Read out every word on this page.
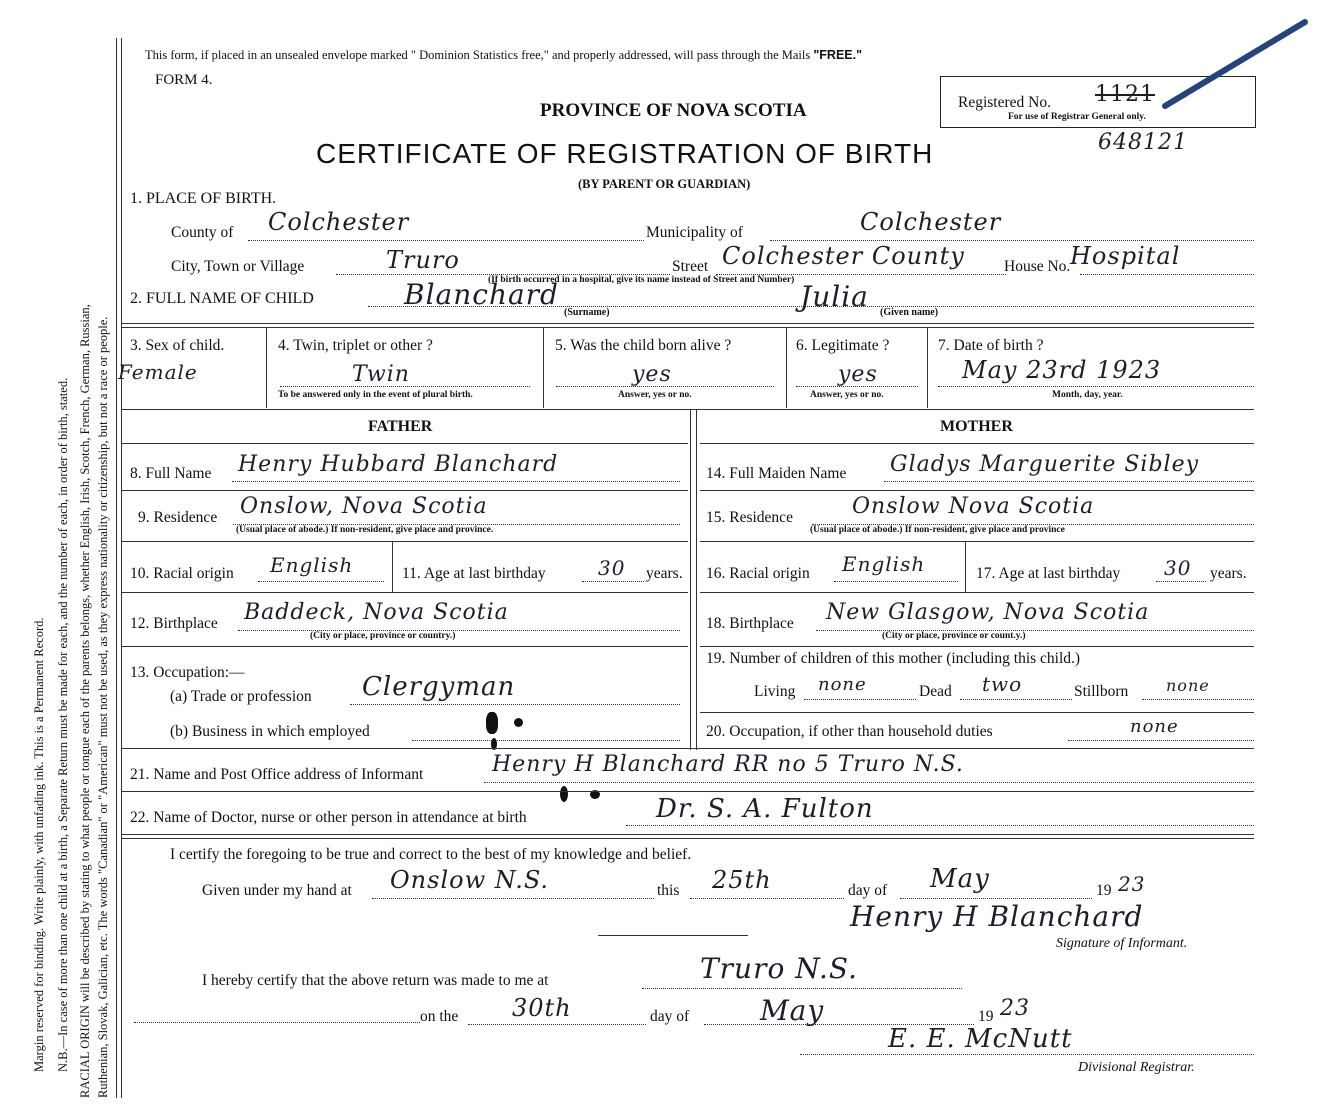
Margin reserved for binding. Write plainly, with unfading ink. This is a Permanent Record. N.B.—In case of more than one child at a birth, a Separate Return must be made for each, and the number of each, in order of birth, stated. RACIAL ORIGIN will be described by stating to what people or tongue each of the parents belongs, whether English, Irish, Scotch, French, German, Russian, Ruthenian, Slovak, Galician, etc. The words "Canadian" or "American" must not be used, as they express nationality or citizenship, but not a race or people.
This form, if placed in an unsealed envelope marked " Dominion Statistics free," and properly addressed, will pass through the Mails "FREE."
FORM 4.
PROVINCE OF NOVA SCOTIA
CERTIFICATE OF REGISTRATION OF BIRTH
(BY PARENT OR GUARDIAN)
Registered No. 1121
For use of Registrar General only.
648121
1. PLACE OF BIRTH.
County of Colchester	Municipality of	Colchester
City, Town or Village	Truro	Street Colchester County	House No. Hospital
(If birth occurred in a hospital, give its name instead of Street and Number)
2. FULL NAME OF CHILD	Blanchard	Julia
(Surname)	(Given name)
3. Sex of child.
Female
4. Twin, triplet or other ?
Twin
To be answered only in the event of plural birth.
5. Was the child born alive ?
yes
Answer, yes or no.
6. Legitimate ?
yes
Answer, yes or no.
7. Date of birth ?
May 23rd 1923
Month, day, year.
FATHER	MOTHER
8. Full Name Henry Hubbard Blanchard	14. Full Maiden Name Gladys Marguerite Sibley
9. Residence Onslow, Nova Scotia
(Usual place of abode.) If non-resident, give place and province.
15. Residence	Onslow Nova Scotia
(Usual place of abode.) If non-resident, give place and province
10. Racial origin English	11. Age at last birthday	30 years. 16. Racial origin English	17. Age at last birthday 30 years.
12. Birthplace Baddeck, Nova Scotia
(City or place, province or country.)
18. Birthplace New Glasgow, Nova Scotia
(City or place, province or count.y.)
13. Occupation:—
(a) Trade or profession Clergyman
(b) Business in which employed
19. Number of children of this mother (including this child.)
Living none	Dead two	Stillborn none
20. Occupation, if other than household duties	none
21. Name and Post Office address of Informant	Henry H Blanchard RR no 5 Truro N.S.
22. Name of Doctor, nurse or other person in attendance at birth	Dr. S. A. Fulton
I certify the foregoing to be true and correct to the best of my knowledge and belief.
Given under my hand at Onslow N.S.	this 25th	day of May	19 23
Henry H Blanchard
Signature of Informant.
I hereby certify that the above return was made to me at	Truro N.S.
on the 30th	day of	May	19 23
E. E. McNutt
Divisional Registrar.
